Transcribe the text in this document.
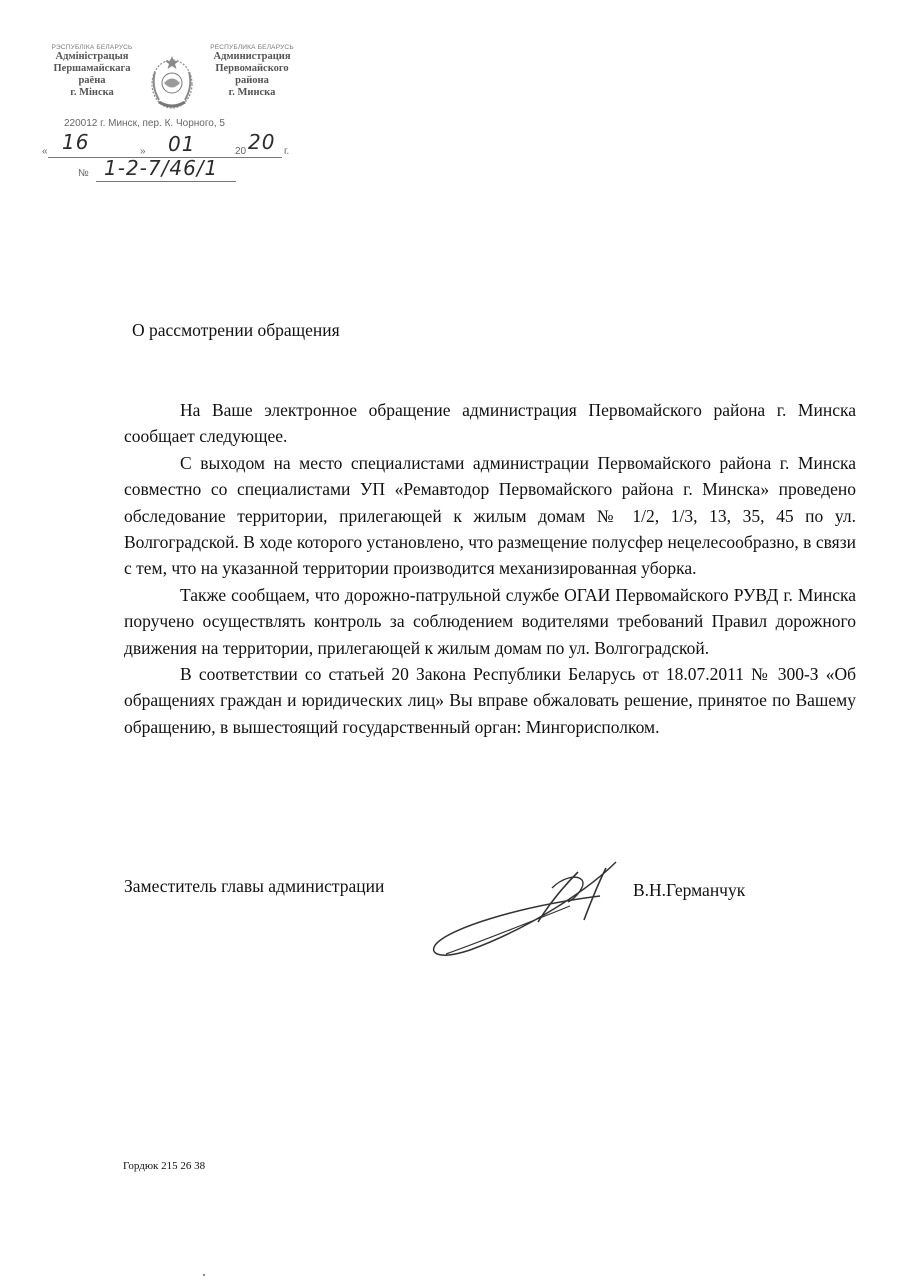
РЭСПУБЛІКА БЕЛАРУСЬ
Адміністрацыя
Першамайскага
раёна
г. Мінска
РЕСПУБЛИКА БЕЛАРУСЬ
Администрация
Первомайского
района
г. Минска
220012 г. Минск, пер. К. Чорного, 5
« 16	» 01	20 20 г.
№ 1-2-7/46/1
О рассмотрении обращения

На Ваше электронное обращение администрация Первомайского района г. Минска сообщает следующее.

С выходом на место специалистами администрации Первомайского района г. Минска совместно со специалистами УП «Ремавтодор Первомайского района г. Минска» проведено обследование территории, прилегающей к жилым домам № 1/2, 1/3, 13, 35, 45 по ул. Волгоградской. В ходе которого установлено, что размещение полусфер нецелесообразно, в связи с тем, что на указанной территории производится механизированная уборка.

Также сообщаем, что дорожно-патрульной службе ОГАИ Первомайского РУВД г. Минска поручено осуществлять контроль за соблюдением водителями требований Правил дорожного движения на территории, прилегающей к жилым домам по ул. Волгоградской.

В соответствии со статьей 20 Закона Республики Беларусь от 18.07.2011 № 300-З «Об обращениях граждан и юридических лиц» Вы вправе обжаловать решение, принятое по Вашему обращению, в вышестоящий государственный орган: Мингорисполком.

Заместитель главы администрации	В.Н.Германчук
Гордюк 215 26 38
